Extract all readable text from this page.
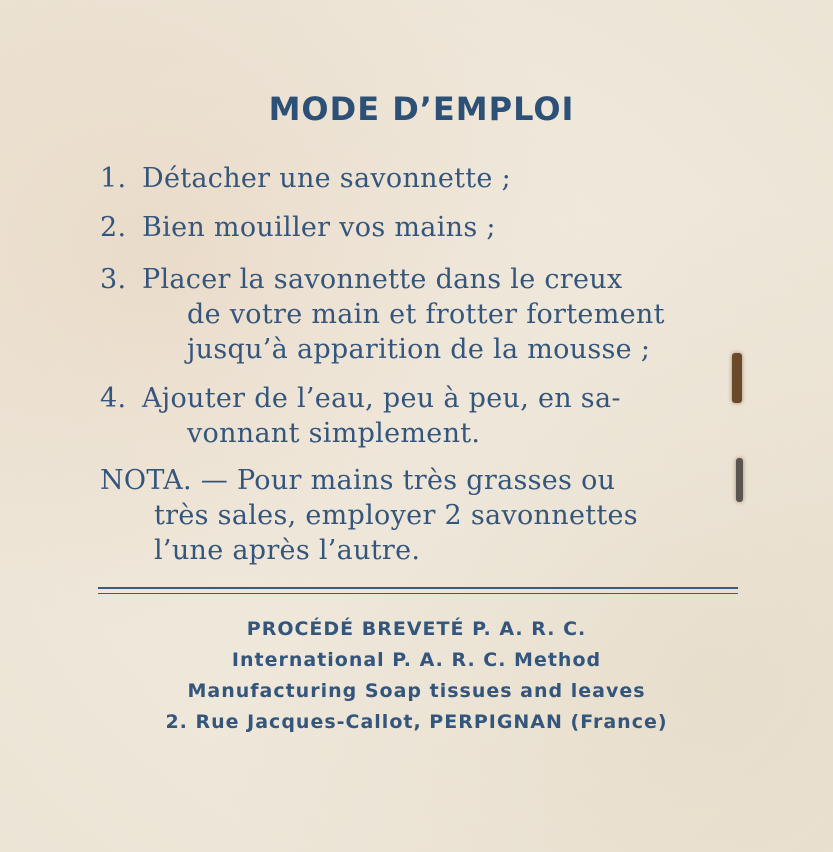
MODE D’EMPLOI
1. Détacher une savonnette ;
2. Bien mouiller vos mains ;
3. Placer la savonnette dans le creux
de votre main et frotter fortement
jusqu’à apparition de la mousse ;
4. Ajouter de l’eau, peu à peu, en sa-
vonnant simplement.
NOTA. — Pour mains très grasses ou
très sales, employer 2 savonnettes
l’une après l’autre.
PROCÉDÉ BREVETÉ P. A. R. C.
International P. A. R. C. Method
Manufacturing Soap tissues and leaves
2. Rue Jacques-Callot, PERPIGNAN (France)
